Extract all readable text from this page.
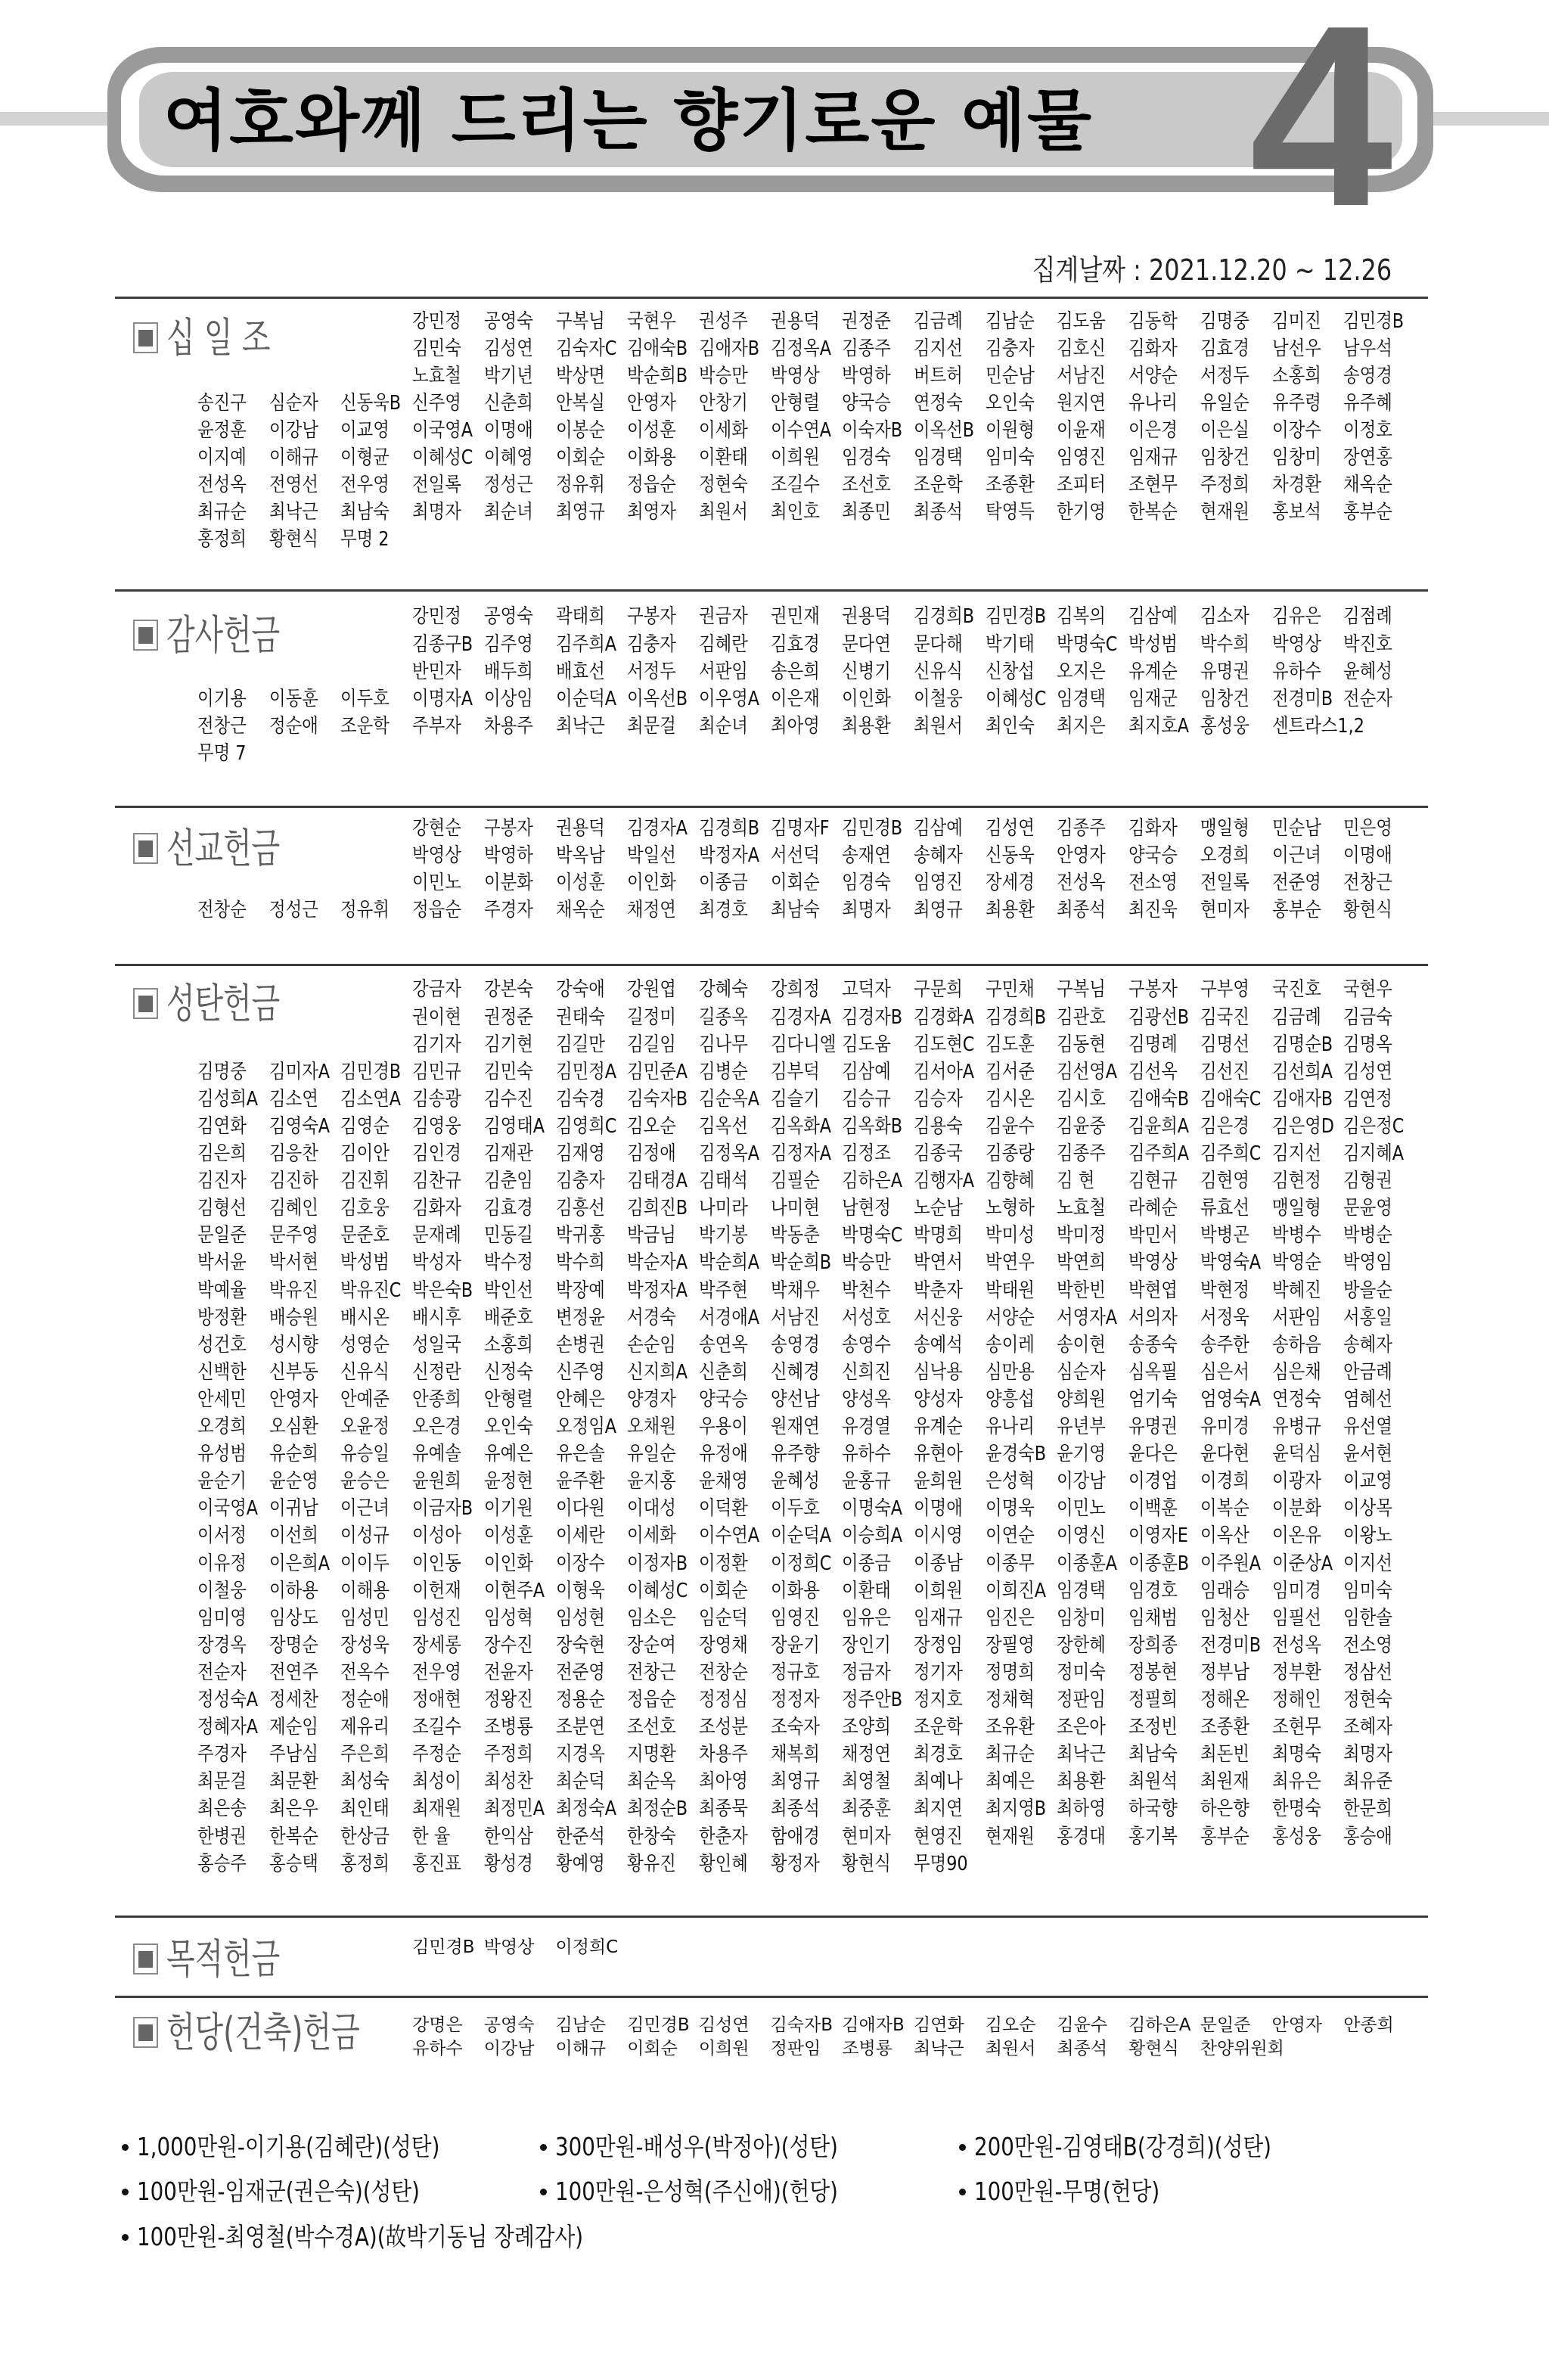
여호와께 드리는 향기로운 예물 4
집계날짜 : 2021.12.20 ~ 12.26
십 일 조	강민정 공영숙 구복님 국현우 권성주 권용덕 권정준 김금례 김남순 김도움 김동학 김명중 김미진 김민경B
김민숙 김성연 김숙자C 김애숙B 김애자B 김정옥A 김종주 김지선 김충자 김호신 김화자 김효경 남선우 남우석
노효철 박기년 박상면 박순희B 박승만 박영상 박영하 버트허 민순남 서남진 서양순 서정두 소홍희 송영경
송진구 심순자 신동욱B 신주영 신춘희 안복실 안영자 안창기 안형렬 양국승 연정숙 오인숙 원지연 유나리 유일순 유주령 유주혜
윤정훈 이강남 이교영 이국영A 이명애 이봉순 이성훈 이세화 이수연A 이숙자B 이옥선B 이원형 이윤재 이은경 이은실 이장수 이정호
이지예 이해규 이형균 이혜성C 이혜영 이회순 이화용 이환태 이희원 임경숙 임경택 임미숙 임영진 임재규 임창건 임창미 장연홍
전성옥 전영선 전우영 전일록 정성근 정유휘 정읍순 정현숙 조길수 조선호 조운학 조종환 조피터 조현무 주정희 차경환 채옥순
최규순 최낙근 최남숙 최명자 최순녀 최영규 최영자 최원서 최인호 최종민 최종석 탁영득 한기영 한복순 현재원 홍보석 홍부순
홍정희 황현식 무명 2
감사헌금	강민정 공영숙 곽태희 구봉자 권금자 권민재 권용덕 김경희B 김민경B 김복의 김삼예 김소자 김유은 김점례
김종구B 김주영 김주희A 김충자 김혜란 김효경 문다연 문다해 박기태 박명숙C 박성범 박수희 박영상 박진호
반민자 배두희 배효선 서정두 서판임 송은희 신병기 신유식 신창섭 오지은 유계순 유명권 유하수 윤혜성
이기용 이동훈 이두호 이명자A 이상임 이순덕A 이옥선B 이우영A 이은재 이인화 이철웅 이혜성C 임경택 임재군 임창건 전경미B 전순자
전창근 정순애 조운학 주부자 차용주 최낙근 최문걸 최순녀 최아영 최용환 최원서 최인숙 최지은 최지호A 홍성웅 센트라스1,2
무명 7
선교헌금	강현순 구봉자 권용덕 김경자A 김경희B 김명자F 김민경B 김삼예 김성연 김종주 김화자 맹일형 민순남 민은영
박영상 박영하 박옥남 박일선 박정자A 서선덕 송재연 송혜자 신동욱 안영자 양국승 오경희 이근녀 이명애
이민노 이분화 이성훈 이인화 이종금 이회순 임경숙 임영진 장세경 전성옥 전소영 전일록 전준영 전창근
전창순 정성근 정유휘 정읍순 주경자 채옥순 채정연 최경호 최남숙 최명자 최영규 최용환 최종석 최진욱 현미자 홍부순 황현식
성탄헌금	강금자 강본숙 강숙애 강원엽 강혜숙 강희정 고덕자 구문희 구민채 구복님 구봉자 구부영 국진호 국현우
권이현 권정준 권태숙 길정미 길종옥 김경자A 김경자B 김경화A 김경희B 김관호 김광선B 김국진 김금례 김금숙
김기자 김기현 김길만 김길임 김나무 김다니엘 김도움 김도현C 김도훈 김동현 김명례 김명선 김명순B 김명옥
김명중 김미자A 김민경B 김민규 김민숙 김민정A 김민준A 김병순 김부덕 김삼예 김서아A 김서준 김선영A 김선옥 김선진 김선희A 김성연
김성희A 김소연 김소연A 김송광 김수진 김숙경 김숙자B 김순옥A 김슬기 김승규 김승자 김시온 김시호 김애숙B 김애숙C 김애자B 김연정
김연화 김영숙A 김영순 김영웅 김영태A 김영희C 김오순 김옥선 김옥화A 김옥화B 김용숙 김윤수 김윤중 김윤희A 김은경 김은영D 김은정C
김은희 김응찬 김이안 김인경 김재관 김재영 김정애 김정옥A 김정자A 김정조 김종국 김종랑 김종주 김주희A 김주희C 김지선 김지혜A
김진자 김진하 김진휘 김찬규 김춘임 김충자 김태경A 김태석 김필순 김하은A 김행자A 김향혜 김 현 김현규 김현영 김현정 김형권
김형선 김혜인 김호웅 김화자 김효경 김흥선 김희진B 나미라 나미현 남현정 노순남 노형하 노효철 라혜순 류효선 맹일형 문윤영
문일준 문주영 문준호 문재례 민동길 박귀홍 박금님 박기봉 박동춘 박명숙C 박명희 박미성 박미정 박민서 박병곤 박병수 박병순
박서윤 박서현 박성범 박성자 박수정 박수희 박순자A 박순희A 박순희B 박승만 박연서 박연우 박연희 박영상 박영숙A 박영순 박영임
박예율 박유진 박유진C 박은숙B 박인선 박장예 박정자A 박주현 박채우 박천수 박춘자 박태원 박한빈 박현엽 박현정 박혜진 방을순
방정환 배승원 배시온 배시후 배준호 변정윤 서경숙 서경애A 서남진 서성호 서신웅 서양순 서영자A 서의자 서정욱 서판임 서홍일
성건호 성시향 성영순 성일국 소홍희 손병권 손순임 송연옥 송영경 송영수 송예석 송이레 송이현 송종숙 송주한 송하음 송혜자
신백한 신부동 신유식 신정란 신정숙 신주영 신지희A 신춘희 신혜경 신희진 심낙용 심만용 심순자 심옥필 심은서 심은채 안금례
안세민 안영자 안예준 안종희 안형렬 안혜은 양경자 양국승 양선남 양성옥 양성자 양흥섭 양희원 엄기숙 엄영숙A 연정숙 염혜선
오경희 오심환 오윤정 오은경 오인숙 오정임A 오채원 우용이 원재연 유경열 유계순 유나리 유년부 유명권 유미경 유병규 유선열
유성범 유순희 유승일 유예솔 유예은 유은솔 유일순 유정애 유주향 유하수 유현아 윤경숙B 윤기영 윤다은 윤다현 윤덕심 윤서현
윤순기 윤순영 윤승은 윤원희 윤정현 윤주환 윤지홍 윤채영 윤혜성 윤홍규 윤희원 은성혁 이강남 이경업 이경희 이광자 이교영
이국영A 이귀남 이근녀 이금자B 이기원 이다원 이대성 이덕환 이두호 이명숙A 이명애 이명욱 이민노 이백훈 이복순 이분화 이상목
이서정 이선희 이성규 이성아 이성훈 이세란 이세화 이수연A 이순덕A 이승희A 이시영 이연순 이영신 이영자E 이옥산 이온유 이왕노
이유정 이은희A 이이두 이인동 이인화 이장수 이정자B 이정환 이정희C 이종금 이종남 이종무 이종훈A 이종훈B 이주원A 이준상A 이지선
이철웅 이하용 이해용 이헌재 이현주A 이형욱 이혜성C 이회순 이화용 이환태 이희원 이희진A 임경택 임경호 임래승 임미경 임미숙
임미영 임상도 임성민 임성진 임성혁 임성현 임소은 임순덕 임영진 임유은 임재규 임진은 임창미 임채범 임청산 임필선 임한솔
장경옥 장명순 장성욱 장세롱 장수진 장숙현 장순여 장영채 장윤기 장인기 장정임 장필영 장한혜 장희종 전경미B 전성옥 전소영
전순자 전연주 전옥수 전우영 전윤자 전준영 전창근 전창순 정규호 정금자 정기자 정명희 정미숙 정봉현 정부남 정부환 정삼선
정성숙A 정세찬 정순애 정애현 정왕진 정용순 정읍순 정정심 정정자 정주안B 정지호 정채혁 정판임 정필희 정해온 정해인 정현숙
정혜자A 제순임 제유리 조길수 조병룡 조분연 조선호 조성분 조숙자 조양희 조운학 조유환 조은아 조정빈 조종환 조현무 조혜자
주경자 주남심 주은희 주정순 주정희 지경옥 지명환 차용주 채복희 채정연 최경호 최규순 최낙근 최남숙 최돈빈 최명숙 최명자
최문걸 최문환 최성숙 최성이 최성찬 최순덕 최순옥 최아영 최영규 최영철 최예나 최예은 최용환 최원석 최원재 최유은 최유준
최은송 최은우 최인태 최재원 최정민A 최정숙A 최정순B 최종묵 최종석 최중훈 최지연 최지영B 최하영 하국향 하은향 한명숙 한문희
한병권 한복순 한상금 한 율 한익삼 한준석 한창숙 한춘자 함애경 현미자 현영진 현재원 홍경대 홍기복 홍부순 홍성웅 홍승애
홍승주 홍승택 홍정희 홍진표 황성경 황예영 황유진 황인혜 황정자 황현식 무명90
목적헌금	김민경B 박영상 이정희C
헌당(건축)헌금	강명은 공영숙 김남순 김민경B 김성연 김숙자B 김애자B 김연화 김오순 김윤수 김하은A 문일준 안영자 안종희
유하수 이강남 이해규 이회순 이희원 정판임 조병룡 최낙근 최원서 최종석 황현식 찬양위원회
1,000만원-이기용(김혜란)(성탄)	300만원-배성우(박정아)(성탄)	200만원-김영태B(강경희)(성탄)
100만원-임재군(권은숙)(성탄)	100만원-은성혁(주신애)(헌당)	100만원-무명(헌당)
100만원-최영철(박수경A)(故박기동님 장례감사)
